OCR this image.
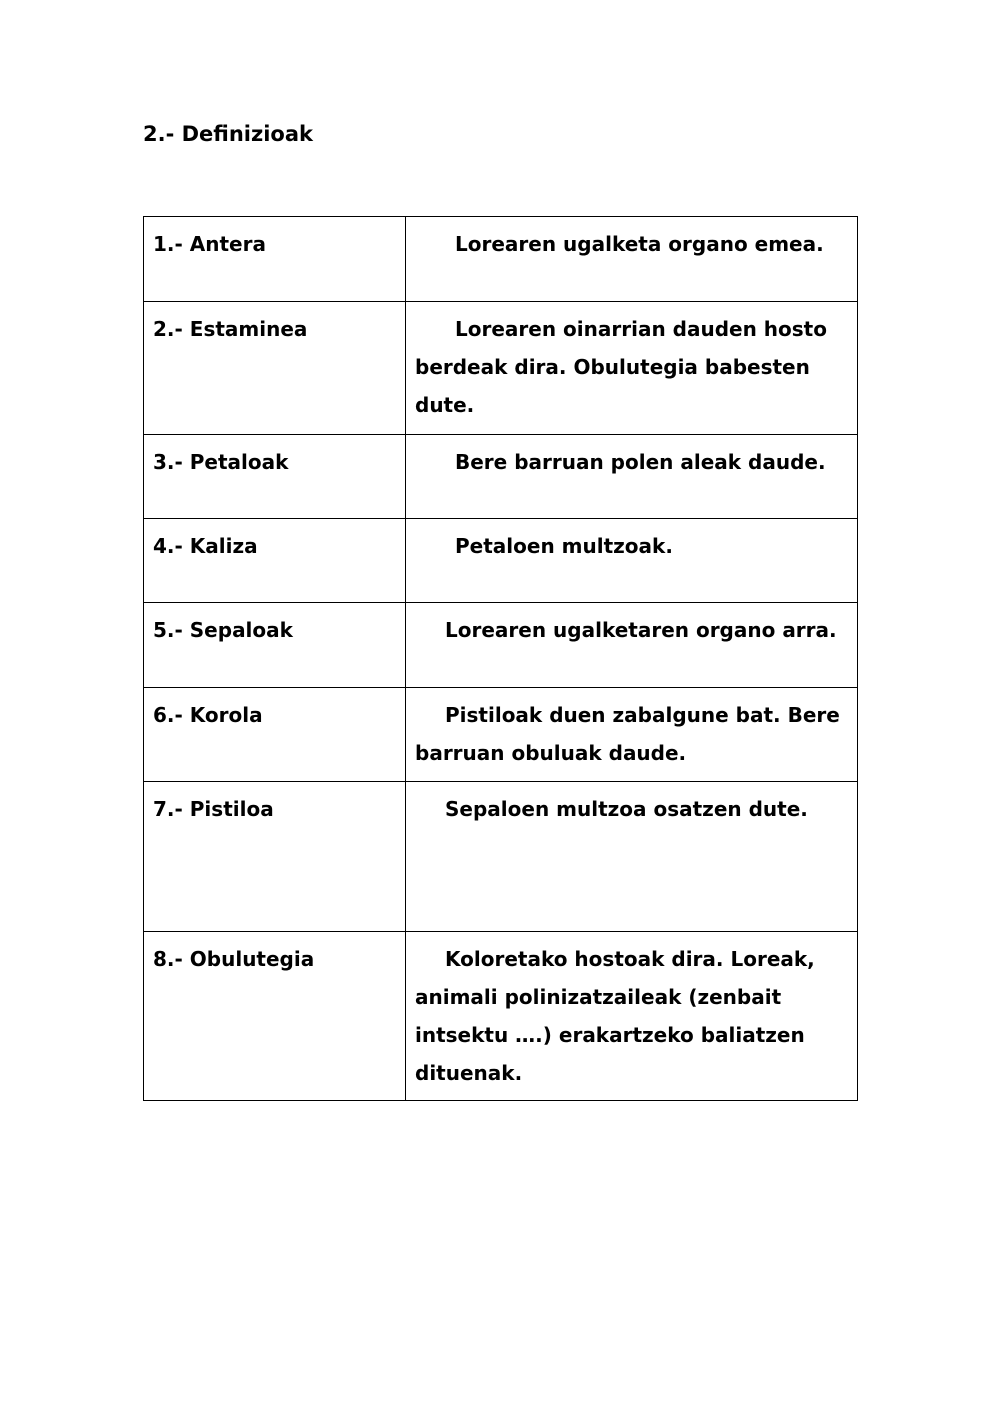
2.- Definizioak
1.- Antera	Lorearen ugalketa organo emea.
2.- Estaminea	Lorearen oinarrian dauden hosto berdeak dira. Obulutegia babesten dute.
3.- Petaloak	Bere barruan polen aleak daude.
4.- Kaliza	Petaloen multzoak.
5.- Sepaloak	Lorearen ugalketaren organo arra.
6.- Korola	Pistiloak duen zabalgune bat. Bere barruan obuluak daude.
7.- Pistiloa	Sepaloen multzoa osatzen dute.
8.- Obulutegia	Koloretako hostoak dira. Loreak, animali polinizatzaileak (zenbait intsektu ….) erakartzeko baliatzen dituenak.
